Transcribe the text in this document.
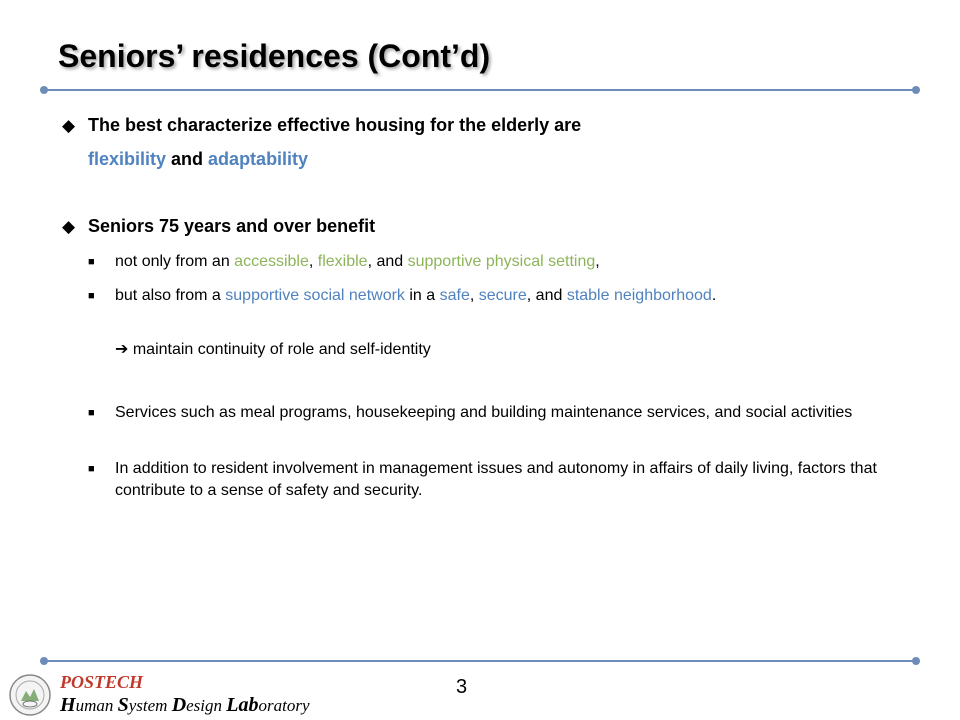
Seniors’ residences (Cont’d)
◆ The best characterize effective housing for the elderly are
flexibility and adaptability
◆ Seniors 75 years and over benefit
■	not only from an accessible, flexible, and supportive physical setting,
■	but also from a supportive social network in a safe, secure, and stable neighborhood.
➔ maintain continuity of role and self-identity
■	Services such as meal programs, housekeeping and building maintenance services, and social activities
■	In addition to resident involvement in management issues and autonomy in affairs of daily living, factors that contribute to a sense of safety and security.
POSTECH
Human System Design Laboratory
3
